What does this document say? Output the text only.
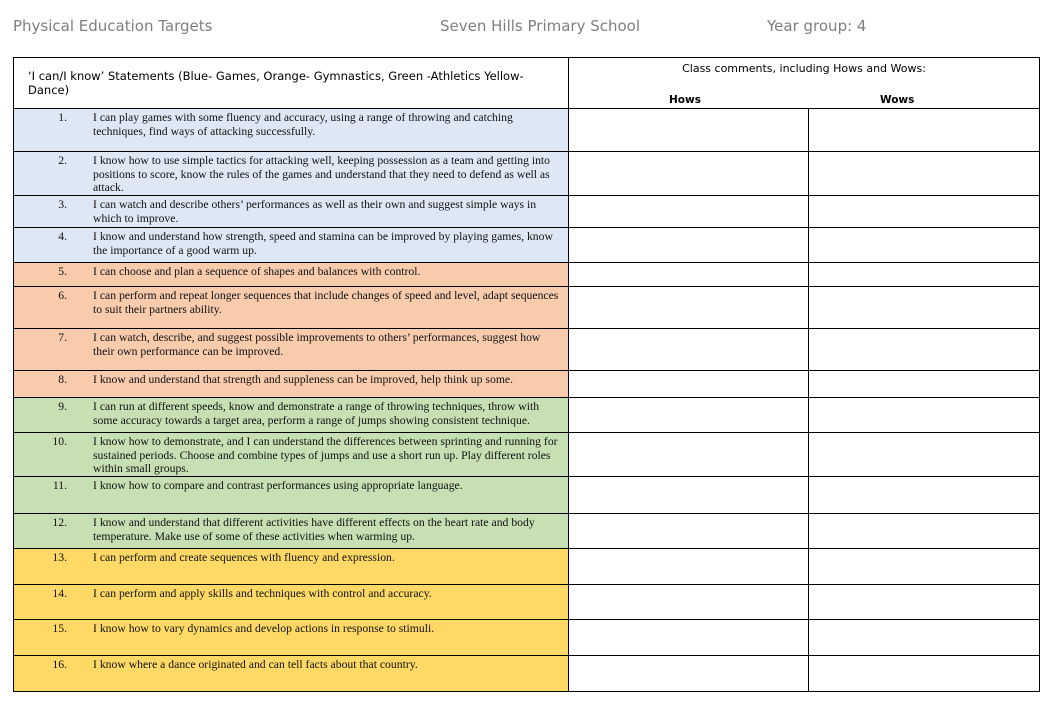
Physical Education Targets	Seven Hills Primary School	Year group: 4
‘I can/I know’ Statements (Blue- Games, Orange- Gymnastics, Green -Athletics Yellow- Dance)	Class comments, including Hows and Wows:
Hows Wows	

1. I can play games with some fluency and accuracy, using a range of throwing and catching techniques, find ways of attacking successfully.		

2. I know how to use simple tactics for attacking well, keeping possession as a team and getting into positions to score, know the rules of the games and understand that they need to defend as well as attack.		

3. I can watch and describe others’ performances as well as their own and suggest simple ways in which to improve.		

4. I know and understand how strength, speed and stamina can be improved by playing games, know the importance of a good warm up.		

5. I can choose and plan a sequence of shapes and balances with control.		

6. I can perform and repeat longer sequences that include changes of speed and level, adapt sequences to suit their partners ability.		

7. I can watch, describe, and suggest possible improvements to others’ performances, suggest how their own performance can be improved.		

8. I know and understand that strength and suppleness can be improved, help think up some.		

9. I can run at different speeds, know and demonstrate a range of throwing techniques, throw with some accuracy towards a target area, perform a range of jumps showing consistent technique.		

10. I know how to demonstrate, and I can understand the differences between sprinting and running for sustained periods. Choose and combine types of jumps and use a short run up. Play different roles within small groups.		

11. I know how to compare and contrast performances using appropriate language.		

12. I know and understand that different activities have different effects on the heart rate and body temperature. Make use of some of these activities when warming up.		

13. I can perform and create sequences with fluency and expression.		

14. I can perform and apply skills and techniques with control and accuracy.		

15. I know how to vary dynamics and develop actions in response to stimuli.		

16. I know where a dance originated and can tell facts about that country.		
